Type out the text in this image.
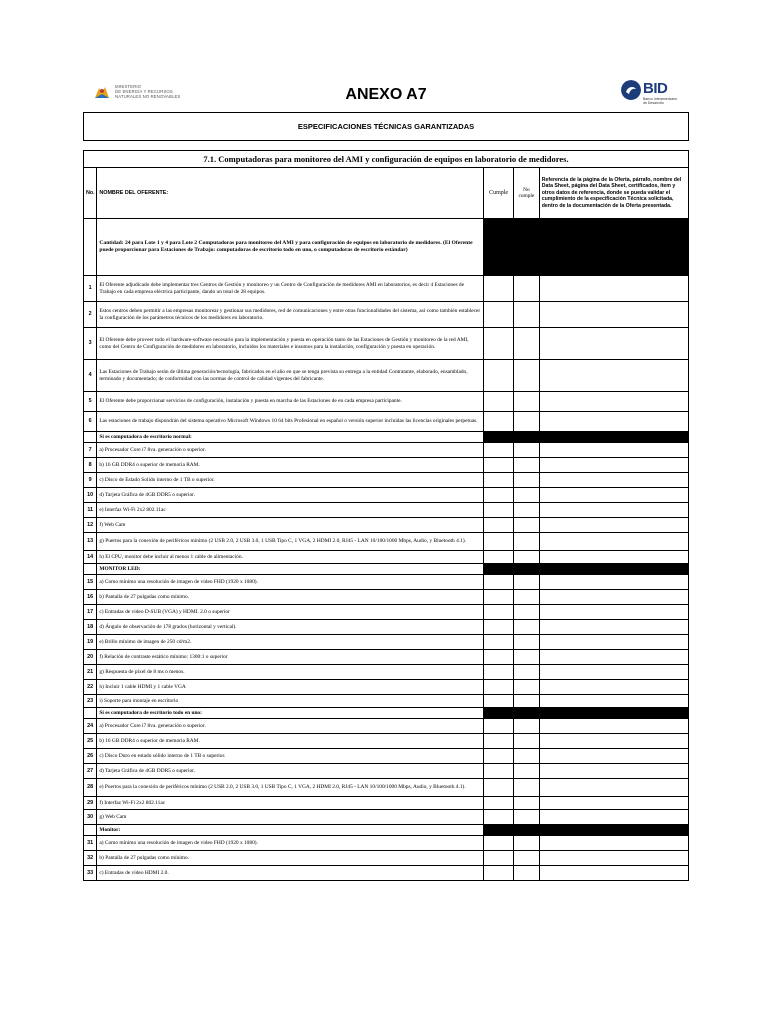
MINISTERIO
DE ENERGÍA Y RECURSOS
NATURALES NO RENOVABLES	ANEXO A7	BID
Banco Interamericano
de Desarrollo
ESPECIFICACIONES TÉCNICAS GARANTIZADAS
7.1. Computadoras para monitoreo del AMI y configuración de equipos en laboratorio de medidores.				
No.	NOMBRE DEL OFERENTE:	Cumple	No cumple	Referencia de la página de la Oferta, párrafo, nombre del Data Sheet, página del Data Sheet, certificados, ítem y otros datos de referencia, donde se pueda validar el cumplimiento de la especificación Técnica solicitada, dentro de la documentación de la Oferta presentada.
	Cantidad: 24 para Lote 1 y 4 para Lote 2 Computadoras para monitoreo del AMI y para configuración de equipos en laboratorio de medidores. (El Oferente puede proporcionar para Estaciones de Trabajo: computadoras de escritorio todo en uno, o computadoras de escritorio estándar)			
1	El Oferente adjudicado debe implementar tres Centros de Gestión y monitoreo y un Centro de Configuración de medidores AMI en laboratorios, es decir 4 Estaciones de Trabajo en cada empresa eléctrica participante, dando un total de 28 equipos.			
2	Estos centros deben permitir a las empresas monitorear y gestionar sus medidores, red de comunicaciones y entre otras funcionalidades del sistema, así como también establecer la configuración de los parámetros técnicos de los medidores en laboratorio.			
3	El Oferente debe proveer todo el hardware-software necesario para la implementación y puesta en operación tanto de las Estaciones de Gestión y monitoreo de la red AMI, como del Centro de Configuración de medidores en laboratorio, incluidos los materiales e insumos para la instalación, configuración y puesta en operación.			
4	Las Estaciones de Trabajo serán de última generación/tecnología, fabricados en el año en que se tenga prevista su entrega a la entidad Contratante, elaborado, ensamblado, terminado y documentado; de conformidad con las normas de control de calidad vigentes del fabricante.			
5	El Oferente debe proporcionar servicios de configuración, instalación y puesta en marcha de las Estaciones de en cada empresa participante.			
6	Las estaciones de trabajo dispondrán del sistema operativo Microsoft Windows 10 64 bits Profesional en español o versión superior incluidas las licencias originales perpetuas.			
	Si es computadora de escritorio normal:			
7	a) Procesador Core i7 8va. generación o superior.			
8	b) 16 GB DDR4 o superior de memoria RAM.			
9	c) Disco de Estado Solido interno de 1 TB o superior.			
10	d) Tarjeta Gráfica de 4GB DDR5 o superior.			
11	e) Interfaz Wi-Fi 2x2 802.11ac			
12	f) Web Cam			
13	g) Puertos para la conexión de periféricos mínimo (2 USB 2.0, 2 USB 3.0, 1 USB Tipo C, 1 VGA, 2 HDMI 2.0, RJ45 - LAN 10/100/1000 Mbps, Audio, y Bluetooth 4.1).			
14	h) El CPU, monitor debe incluir al menos 1 cable de alimentación.			
	MONITOR LED:			
15	a) Como mínimo una resolución de imagen de video FHD (1920 x 1080).			
16	b) Pantalla de 27 pulgadas como mínimo.			
17	c) Entradas de video D-SUB (VGA) y HDMI. 2.0 o superior			
18	d) Ángulo de observación de 178 grados (horizontal y vertical).			
19	e) Brillo mínimo de imagen de 250 cd/m2.			
20	f) Relación de contraste estático mínimo: 1300:1 o superior			
21	g) Respuesta de píxel de 8 ms o menos.			
22	h) Incluir 1 cable HDMI y 1 cable VGA			
23	i) Soporte para montaje en escritorio			
	Si es computadora de escritorio todo en uno:			
24	a) Procesador Core i7 8va. generación o superior.			
25	b) 16 GB DDR4 o superior de memoria RAM.			
26	c) Disco Duro en estado sólido interno de 1 TB o superior.			
27	d) Tarjeta Gráfica de 4GB DDR5 o superior.			
28	e) Puertos para la conexión de periféricos mínimo (2 USB 2.0, 2 USB 3.0, 1 USB Tipo C, 1 VGA, 2 HDMI 2.0, RJ45 - LAN 10/100/1000 Mbps, Audio, y Bluetooth 4.1).			
29	f) Interfaz Wi-Fi 2x2 802.11ac			
30	g) Web Cam			
	Monitor:			
31	a) Como mínimo una resolución de imagen de video FHD (1920 x 1080).			
32	b) Pantalla de 27 pulgadas como mínimo.			
33	c) Entradas de video HDMI 2.0.			
